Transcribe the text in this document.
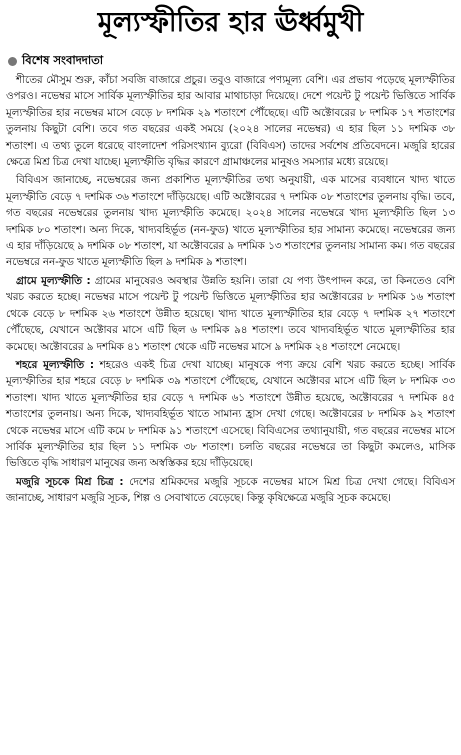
মূল্যস্ফীতির হার ঊর্ধ্বমুখী
বিশেষ সংবাদদাতা

শীতের মৌসুম শুরু, কাঁচা সবজি বাজারে প্রচুর। তবুও বাজারে পণ্যমূল্য বেশি। এর প্রভাব পড়েছে মূল্যস্ফীতির ওপরও। নভেম্বর মাসে সার্বিক মূল্যস্ফীতির হার আবার মাথাচাড়া দিয়েছে। দেশে পয়েন্ট টু পয়েন্ট ভিত্তিতে সার্বিক মূল্যস্ফীতির হার নভেম্বর মাসে বেড়ে ৮ দশমিক ২৯ শতাংশে পৌঁছেছে। এটি অক্টোবরের ৮ দশমিক ১৭ শতাংশের তুলনায় কিছুটা বেশি। তবে গত বছরের একই সময়ে (২০২৪ সালের নভেম্বর) এ হার ছিল ১১ দশমিক ৩৮ শতাংশ। এ তথ্য তুলে ধরেছে বাংলাদেশ পরিসংখ্যান ব্যুরো (বিবিএস) তাদের সর্বশেষ প্রতিবেদনে। মজুরি হারের ক্ষেত্রে মিশ্র চিত্র দেখা যাচ্ছে। মূল্যস্ফীতি বৃদ্ধির কারণে গ্রামাঞ্চলের মানুষও সমস্যার মধ্যে রয়েছে।

বিবিএস জানাচ্ছে, নভেম্বরের জন্য প্রকাশিত মূল্যস্ফীতির তথ্য অনুযায়ী, এক মাসের ব্যবধানে খাদ্য খাতে মূল্যস্ফীতি বেড়ে ৭ দশমিক ৩৬ শতাংশে দাঁড়িয়েছে। এটি অক্টোবরের ৭ দশমিক ০৮ শতাংশের তুলনায় বৃদ্ধি। তবে, গত বছরের নভেম্বরের তুলনায় খাদ্য মূল্যস্ফীতি কমেছে। ২০২৪ সালের নভেম্বরে খাদ্য মূল্যস্ফীতি ছিল ১৩ দশমিক ৮০ শতাংশ। অন্য দিকে, খাদ্যবহির্ভূত (নন-ফুড) খাতে মূল্যস্ফীতির হার সামান্য কমেছে। নভেম্বরের জন্য এ হার দাঁড়িয়েছে ৯ দশমিক ০৮ শতাংশ, যা অক্টোবরের ৯ দশমিক ১৩ শতাংশের তুলনায় সামান্য কম। গত বছরের নভেম্বরে নন-ফুড খাতে মূল্যস্ফীতি ছিল ৯ দশমিক ৯ শতাংশ।

গ্রামে মূল্যস্ফীতি : গ্রামের মানুষেরও অবস্থার উন্নতি হয়নি। তারা যে পণ্য উৎপাদন করে, তা কিনতেও বেশি খরচ করতে হচ্ছে। নভেম্বর মাসে পয়েন্ট টু পয়েন্ট ভিত্তিতে মূল্যস্ফীতির হার অক্টোবরের ৮ দশমিক ১৬ শতাংশ থেকে বেড়ে ৮ দশমিক ২৬ শতাংশে উন্নীত হয়েছে। খাদ্য খাতে মূল্যস্ফীতির হার বেড়ে ৭ দশমিক ২৭ শতাংশে পৌঁছেছে, যেখানে অক্টোবর মাসে এটি ছিল ৬ দশমিক ৯৪ শতাংশ। তবে খাদ্যবহির্ভূত খাতে মূল্যস্ফীতির হার কমেছে। অক্টোবরের ৯ দশমিক ৪১ শতাংশ থেকে এটি নভেম্বর মাসে ৯ দশমিক ২৪ শতাংশে নেমেছে।

শহরে মূল্যস্ফীতি : শহরেও একই চিত্র দেখা যাচ্ছে। মানুষকে পণ্য ক্রয়ে বেশি খরচ করতে হচ্ছে। সার্বিক মূল্যস্ফীতির হার শহরে বেড়ে ৮ দশমিক ৩৯ শতাংশে পৌঁছেছে, যেখানে অক্টোবর মাসে এটি ছিল ৮ দশমিক ৩৩ শতাংশ। খাদ্য খাতে মূল্যস্ফীতির হার বেড়ে ৭ দশমিক ৬১ শতাংশে উন্নীত হয়েছে, অক্টোবরের ৭ দশমিক ৪৫ শতাংশের তুলনায়। অন্য দিকে, খাদ্যবহির্ভূত খাতে সামান্য হ্রাস দেখা গেছে। অক্টোবরের ৮ দশমিক ৯২ শতাংশ থেকে নভেম্বর মাসে এটি কমে ৮ দশমিক ৯১ শতাংশে এসেছে। বিবিএসের তথ্যানুযায়ী, গত বছরের নভেম্বর মাসে সার্বিক মূল্যস্ফীতির হার ছিল ১১ দশমিক ৩৮ শতাংশ। চলতি বছরের নভেম্বরে তা কিছুটা কমলেও, মাসিক ভিত্তিতে বৃদ্ধি সাধারণ মানুষের জন্য অস্বস্তিকর হয়ে দাঁড়িয়েছে।

মজুরি সূচকে মিশ্র চিত্র : দেশের শ্রমিকদের মজুরি সূচকে নভেম্বর মাসে মিশ্র চিত্র দেখা গেছে। বিবিএস জানাচ্ছে, সাধারণ মজুরি সূচক, শিল্প ও সেবাখাতে বেড়েছে। কিন্তু কৃষিক্ষেত্রে মজুরি সূচক কমেছে।
